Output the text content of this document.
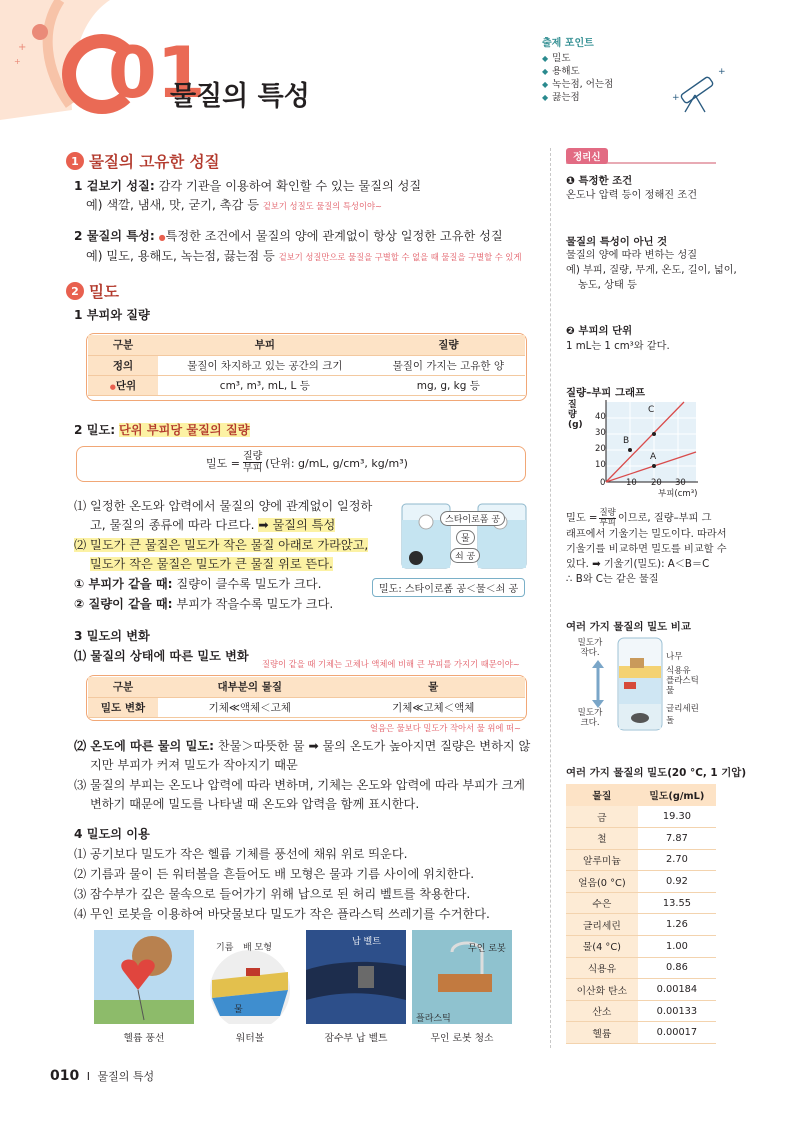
+
+ 01
물질의 특성
출제 포인트
◆ 밀도
◆ 용해도
◆ 녹는점, 어는점
◆ 끓는점	+
+
1 물질의 고유한 성질
1 겉보기 성질: 감각 기관을 이용하여 확인할 수 있는 물질의 성질
예) 색깔, 냄새, 맛, 굳기, 촉감 등 겉보기 성질도 물질의 특성이야~
2 물질의 특성: ●특정한 조건에서 물질의 양에 관계없이 항상 일정한 고유한 성질
예) 밀도, 용해도, 녹는점, 끓는점 등 겉보기 성질만으로 물질을 구별할 수 없을 때 물질을 구별할 수 있게
2 밀도
1 부피와 질량
구분	부피	질량
정의	물질이 차지하고 있는 공간의 크기	물질이 가지는 고유한 양
●단위	cm³, m³, mL, L 등	mg, g, kg 등
2 밀도: 단위 부피당 물질의 질량
밀도 = 질량
부피 (단위: g/mL, g/cm³, kg/m³)
⑴ 일정한 온도와 압력에서 물질의 양에 관계없이 일정하
고, 물질의 종류에 따라 다르다. ➡ 물질의 특성
⑵ 밀도가 큰 물질은 밀도가 작은 물질 아래로 가라앉고,
밀도가 작은 물질은 밀도가 큰 물질 위로 뜬다.
① 부피가 같을 때: 질량이 클수록 밀도가 크다.
② 질량이 같을 때: 부피가 작을수록 밀도가 크다.
스타이로폼 공
물
쇠 공
밀도: 스타이로폼 공＜물＜쇠 공
3 밀도의 변화
⑴ 물질의 상태에 따른 밀도 변화
질량이 같을 때 기체는 고체나 액체에 비해 큰 부피를 가지기 때문이야~
구분	대부분의 물질	물
밀도 변화	기체≪액체＜고체	기체≪고체＜액체
얼음은 물보다 밀도가 작아서 물 위에 떠~
⑵ 온도에 따른 물의 밀도: 찬물＞따뜻한 물 ➡ 물의 온도가 높아지면 질량은 변하지 않
지만 부피가 커져 밀도가 작아지기 때문
⑶ 물질의 부피는 온도나 압력에 따라 변하며, 기체는 온도와 압력에 따라 부피가 크게
변하기 때문에 밀도를 나타낼 때 온도와 압력을 함께 표시한다.
4 밀도의 이용
⑴ 공기보다 밀도가 작은 헬륨 기체를 풍선에 채워 위로 띄운다.
⑵ 기름과 물이 든 워터볼을 흔들어도 배 모형은 물과 기름 사이에 위치한다.
⑶ 잠수부가 깊은 물속으로 들어가기 위해 납으로 된 허리 벨트를 착용한다.
⑷ 무인 로봇을 이용하여 바닷물보다 밀도가 작은 플라스틱 쓰레기를 수거한다.
기름 배 모형
물
납 벨트
무인 로봇
플라스틱
헬륨 풍선	워터볼	잠수부 납 벨트	무인 로봇 청소
정리신
❶ 특정한 조건
온도나 압력 등이 정해진 조건
물질의 특성이 아닌 것
물질의 양에 따라 변하는 성질
예) 부피, 질량, 무게, 온도, 길이, 넓이,
농도, 상태 등
❷ 부피의 단위
1 mL는 1 cm³와 같다.
질량–부피 그래프
질량(g)
40
30
20
10
0 10 20 30
부피(cm³)
C
B
A
밀도 = 질량
부피 이므로, 질량–부피 그
래프에서 기울기는 밀도이다. 따라서
기울기를 비교하면 밀도를 비교할 수
있다. ➡ 기울기(밀도): A＜B＝C
∴ B와 C는 같은 물질
여러 가지 물질의 밀도 비교
밀도가 작다.
밀도가 크다.
나무
식용유
플라스틱
물
글리세린
돌
여러 가지 물질의 밀도(20 °C, 1 기압)
물질	밀도(g/mL)
금	19.30
철	7.87
알루미늄	2.70
얼음(0 °C)	0.92
수은	13.55
글리세린	1.26
물(4 °C)	1.00
식용유	0.86
이산화 탄소	0.00184
산소	0.00133
헬륨	0.00017
010 I 물질의 특성
